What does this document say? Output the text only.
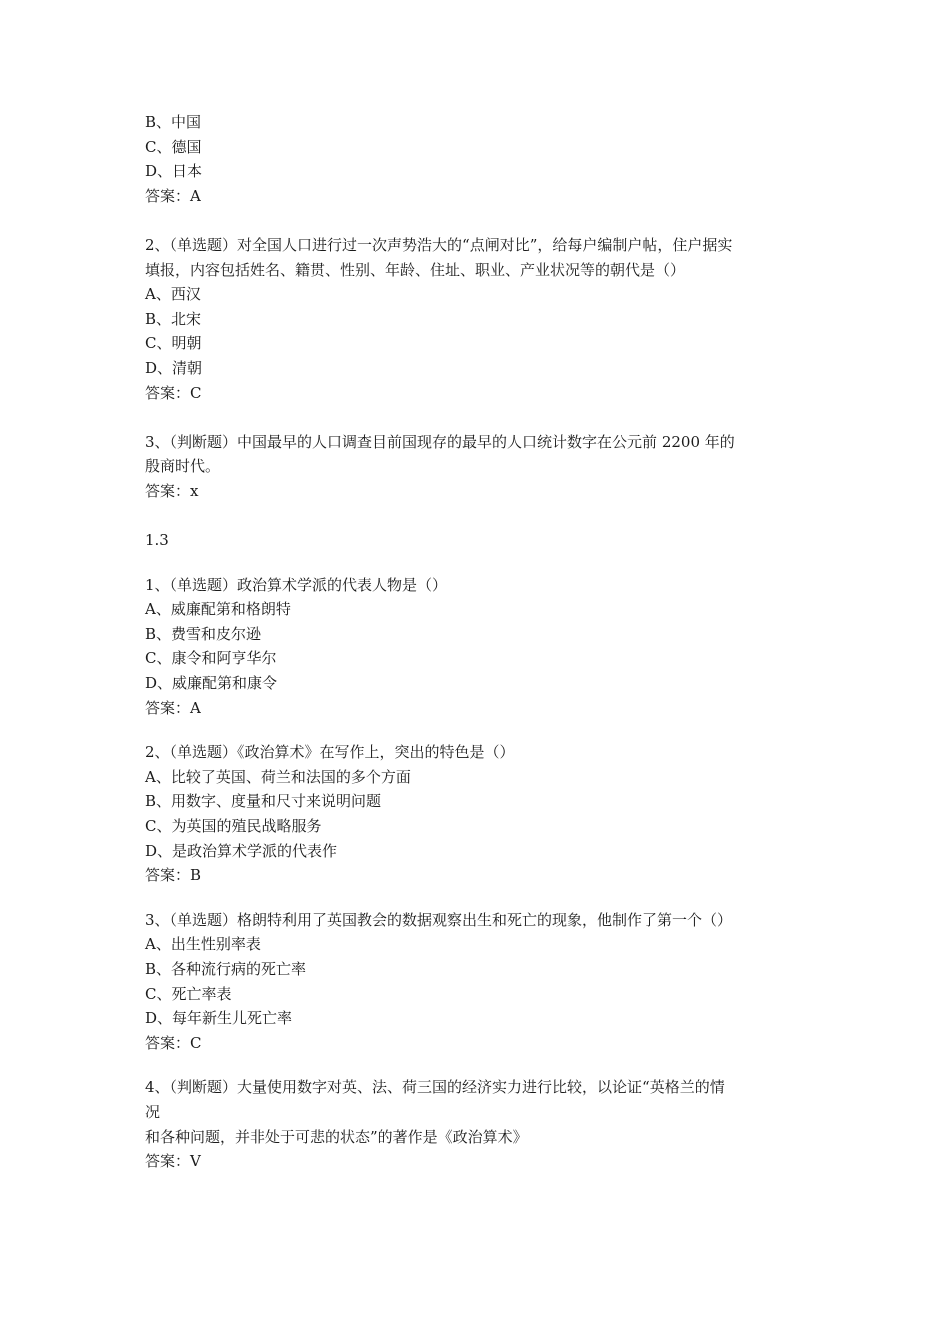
B、中国
C、德国
D、日本
答案：A
2、（单选题）对全国人口进行过一次声势浩大的“点闸对比”，给每户编制户帖，住户据实
填报，内容包括姓名、籍贯、性别、年龄、住址、职业、产业状况等的朝代是（）
A、西汉
B、北宋
C、明朝
D、清朝
答案：C
3、（判断题）中国最早的人口调查目前国现存的最早的人口统计数字在公元前 2200 年的
殷商时代。
答案：x
1.3
1、（单选题）政治算术学派的代表人物是（）
A、威廉配第和格朗特
B、费雪和皮尔逊
C、康令和阿亨华尔
D、威廉配第和康令
答案：A
2、（单选题）《政治算术》在写作上，突出的特色是（）
A、比较了英国、荷兰和法国的多个方面
B、用数字、度量和尺寸来说明问题
C、为英国的殖民战略服务
D、是政治算术学派的代表作
答案：B
3、（单选题）格朗特利用了英国教会的数据观察出生和死亡的现象，他制作了第一个（）
A、出生性别率表
B、各种流行病的死亡率
C、死亡率表
D、每年新生儿死亡率
答案：C
4、（判断题）大量使用数字对英、法、荷三国的经济实力进行比较，以论证“英格兰的情
况
和各种问题，并非处于可悲的状态”的著作是《政治算术》
答案：V
